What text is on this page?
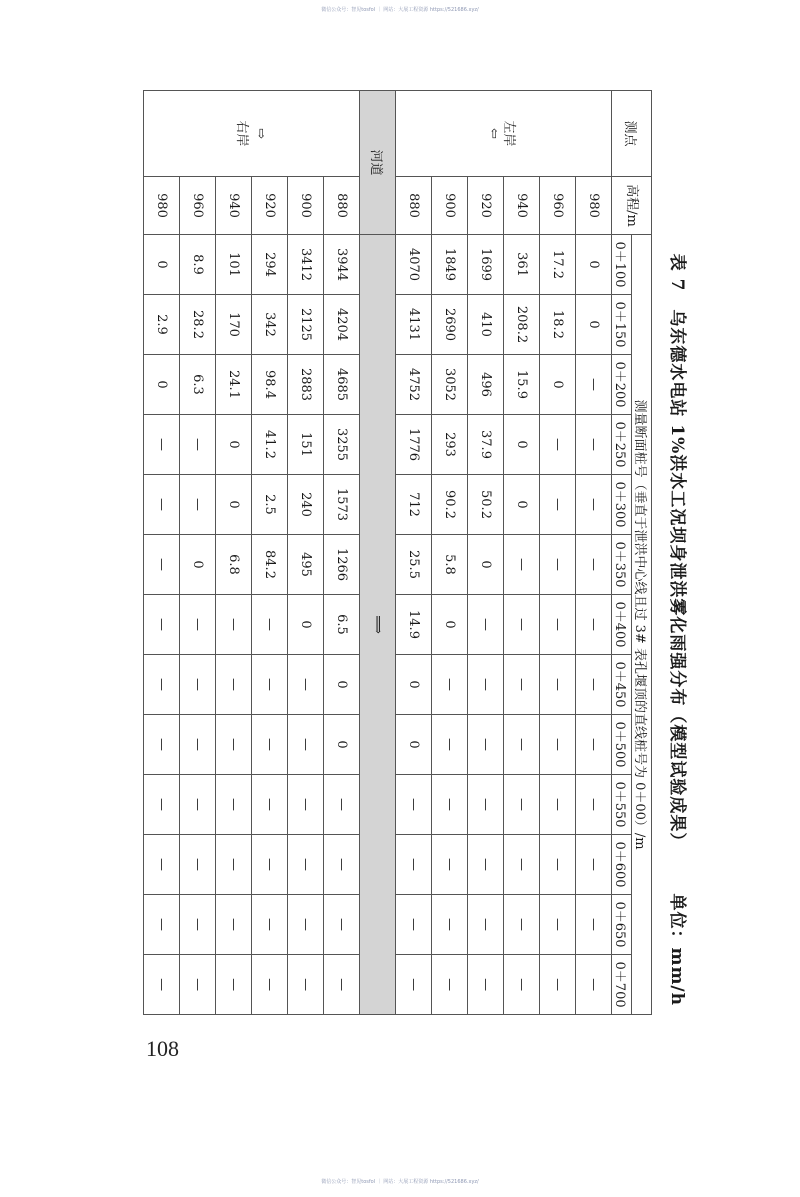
微信公众号：智见tosfol ｜ 网站：大展工程资源 https://521686.xyz/
表 7　乌东德水电站 1%洪水工况坝身泄洪雾化雨强分布（模型试验成果）
单位：mm/h
测点	高程/m	测量断面桩号（垂直于泄洪中心线且过 3# 表孔堰顶的直线桩号为 0＋00）/m												
		0＋100	0＋150	0＋200	0＋250	0＋300	0＋350	0＋400	0＋450	0＋500	0＋550	0＋600	0＋650	0＋700

左岸
⇦	980	0	0	—	—	—	—	—	—	—	—	—	—	—
	960	17.2	18.2	0	—	—	—	—	—	—	—	—	—	—
	940	361	208.2	15.9	0	0	—	—	—	—	—	—	—	—
	920	1699	410	496	37.9	50.2	0	—	—	—	—	—	—	—
	900	1849	2690	3052	293	90.2	5.8	0	—	—	—	—	—	—
	880	4070	4131	4752	1776	712	25.5	14.9	0	0	—	—	—	—
河道		⟹												

⇨
右岸	880	3944	4204	4685	3255	1573	1266	6.5	0	0	—	—	—	—
	900	3412	2125	2883	151	240	495	0	—	—	—	—	—	—
	920	294	342	98.4	41.2	2.5	84.2	—	—	—	—	—	—	—
	940	101	170	24.1	0	0	6.8	—	—	—	—	—	—	—
	960	8.9	28.2	6.3	—	—	0	—	—	—	—	—	—	—
	980	0	2.9	0	—	—	—	—	—	—	—	—	—	—
108
微信公众号：智见tosfol ｜ 网站：大展工程资源 https://521686.xyz/
